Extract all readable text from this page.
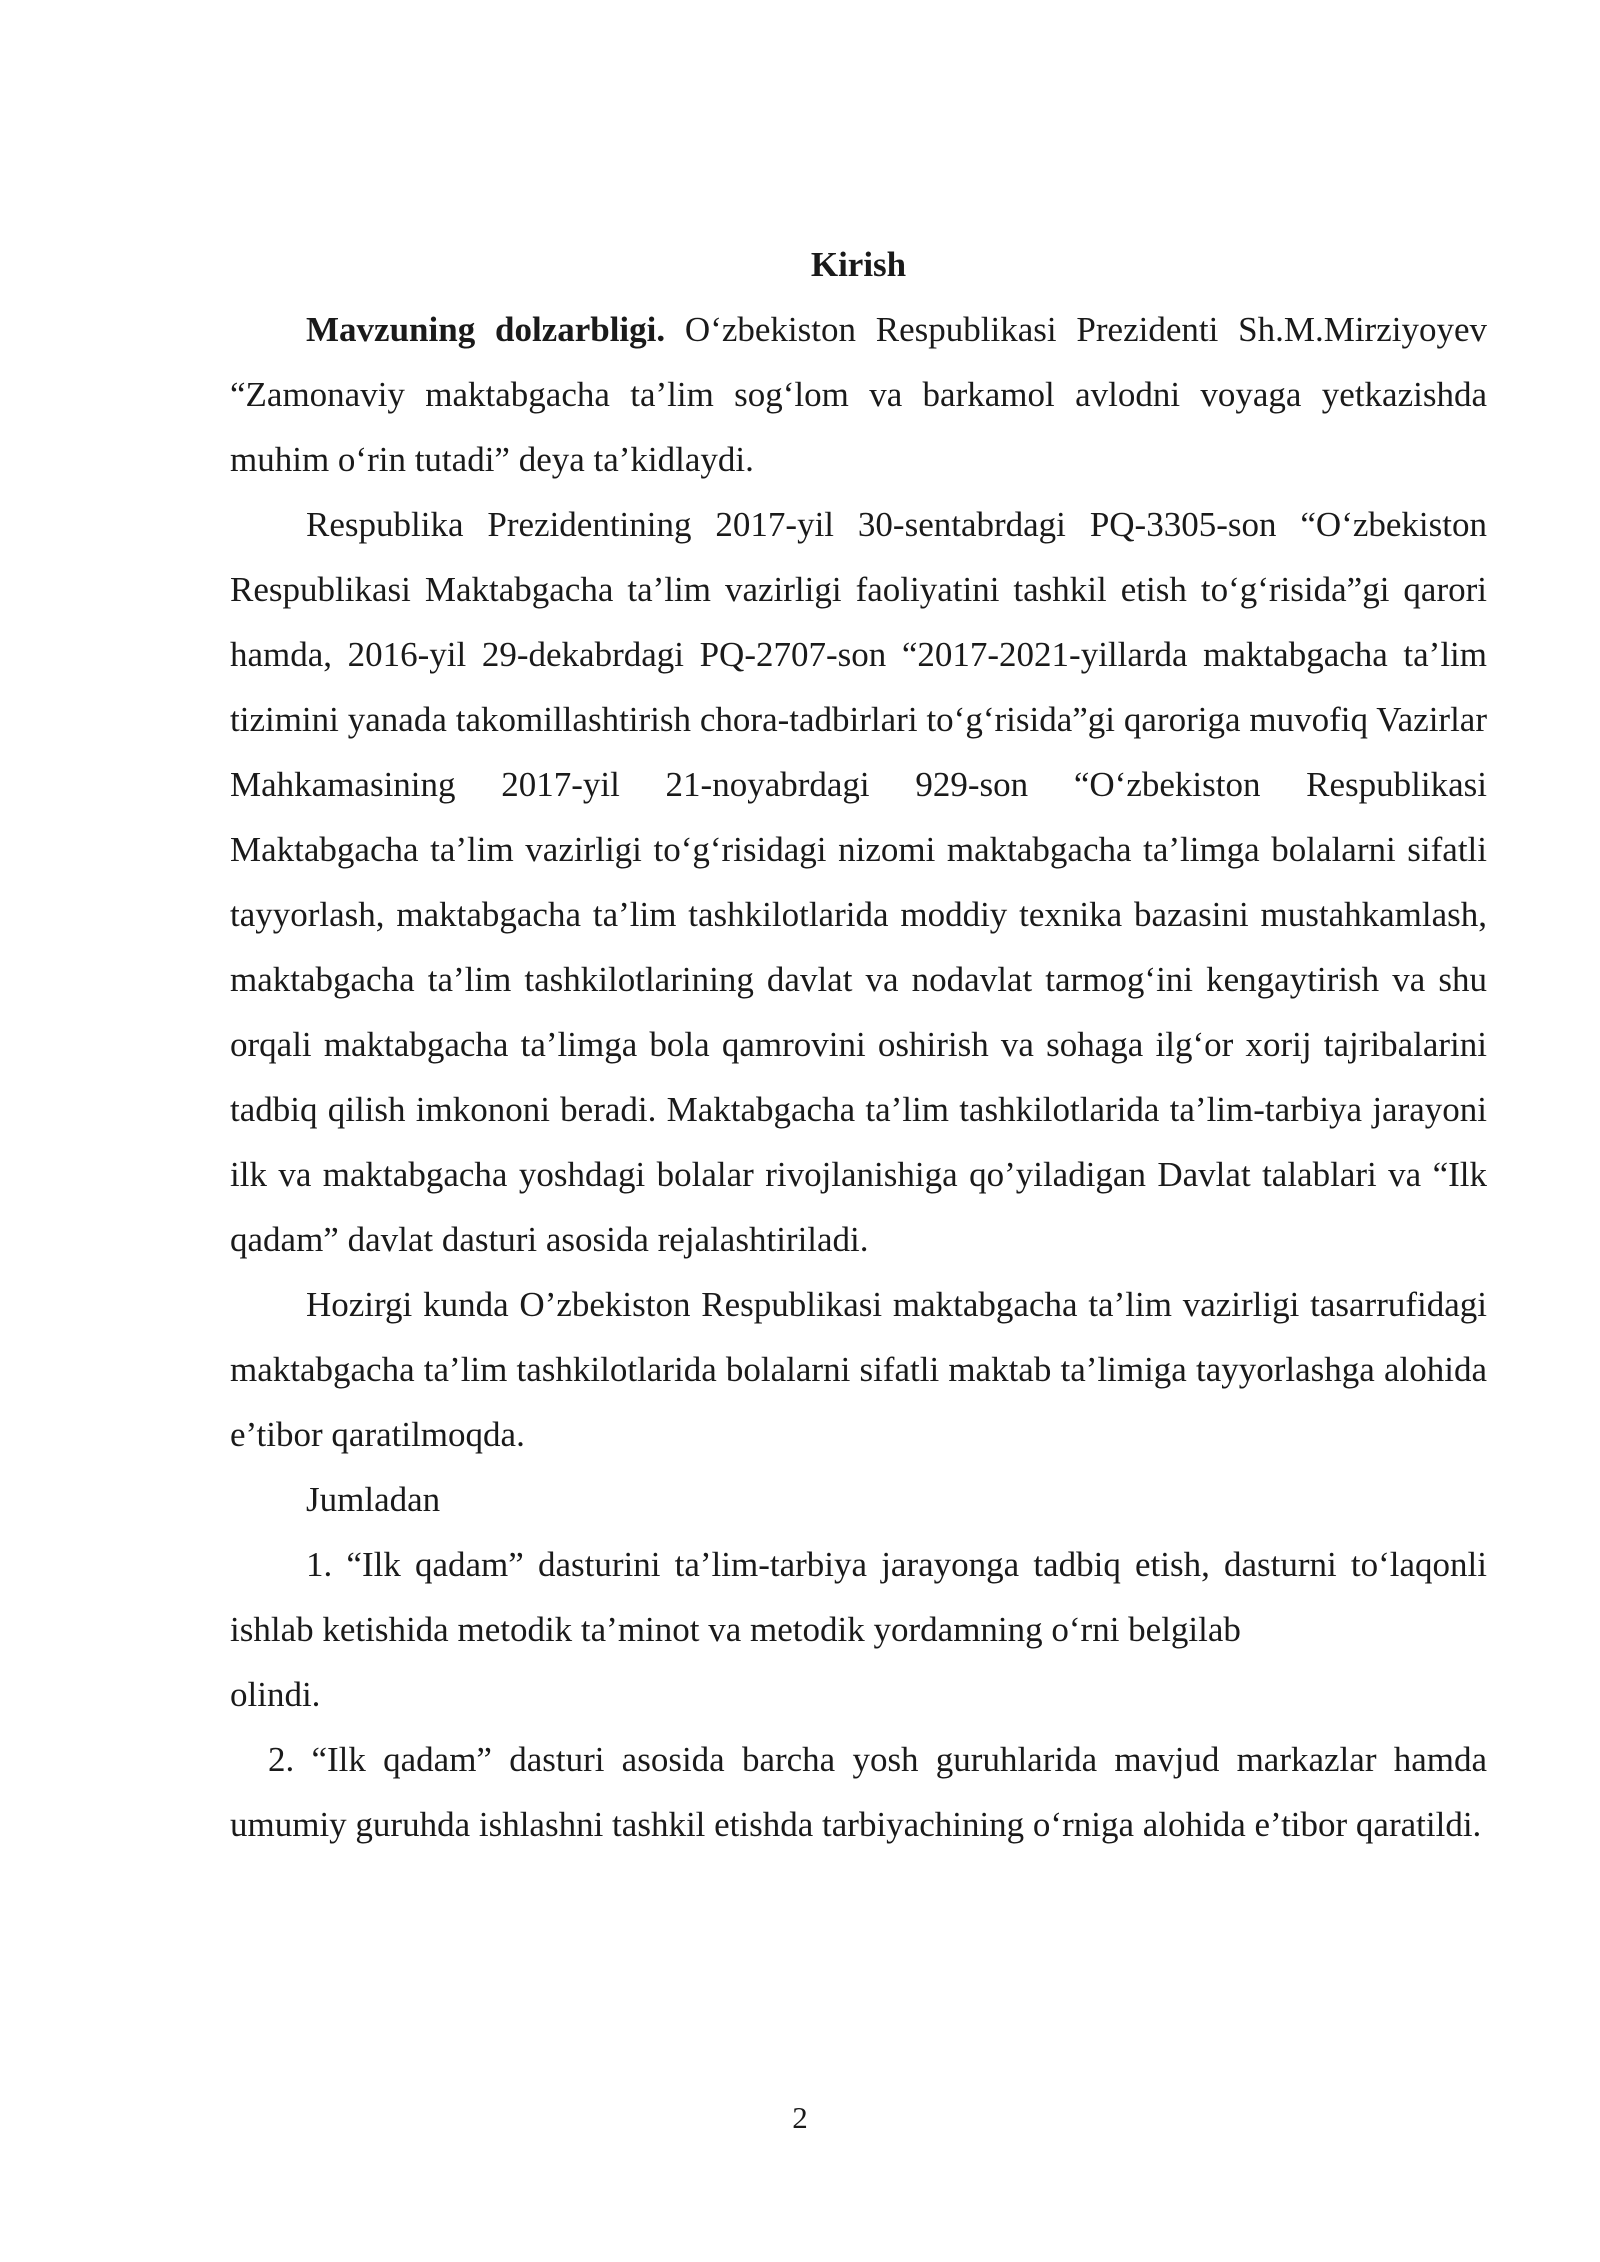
Kirish

Mavzuning dolzarbligi. O‘zbekiston Respublikasi Prezidenti Sh.M.Mirziyoyev “Zamonaviy maktabgacha ta’lim sog‘lom va barkamol avlodni voyaga yetkazishda muhim o‘rin tutadi” deya ta’kidlaydi.

Respublika Prezidentining 2017-yil 30-sentabrdagi PQ-3305-son “O‘zbekiston Respublikasi Maktabgacha ta’lim vazirligi faoliyatini tashkil etish to‘g‘risida”gi qarori hamda, 2016-yil 29-dekabrdagi PQ-2707-son “2017-2021-yillarda maktabgacha ta’lim tizimini yanada takomillashtirish chora-tadbirlari to‘g‘risida”gi qaroriga muvofiq Vazirlar Mahkamasining 2017-yil 21-noyabrdagi 929-son “O‘zbekiston Respublikasi Maktabgacha ta’lim vazirligi to‘g‘risidagi nizomi maktabgacha ta’limga bolalarni sifatli tayyorlash, maktabgacha ta’lim tashkilotlarida moddiy texnika bazasini mustahkamlash, maktabgacha ta’lim tashkilotlarining davlat va nodavlat tarmog‘ini kengaytirish va shu orqali maktabgacha ta’limga bola qamrovini oshirish va sohaga ilg‘or xorij tajribalarini tadbiq qilish imkononi beradi. Maktabgacha ta’lim tashkilotlarida ta’lim-tarbiya jarayoni ilk va maktabgacha yoshdagi bolalar rivojlanishiga qo’yiladigan Davlat talablari va “Ilk qadam” davlat dasturi asosida rejalashtiriladi.

Hozirgi kunda O’zbekiston Respublikasi maktabgacha ta’lim vazirligi tasarrufidagi maktabgacha ta’lim tashkilotlarida bolalarni sifatli maktab ta’limiga tayyorlashga alohida e’tibor qaratilmoqda.

Jumladan

1. “Ilk qadam” dasturini ta’lim-tarbiya jarayonga tadbiq etish, dasturni to‘laqonli ishlab ketishida metodik ta’minot va metodik yordamning o‘rni belgilab

olindi.

2. “Ilk qadam” dasturi asosida barcha yosh guruhlarida mavjud markazlar hamda umumiy guruhda ishlashni tashkil etishda tarbiyachining o‘rniga alohida e’tibor qaratildi.

2
